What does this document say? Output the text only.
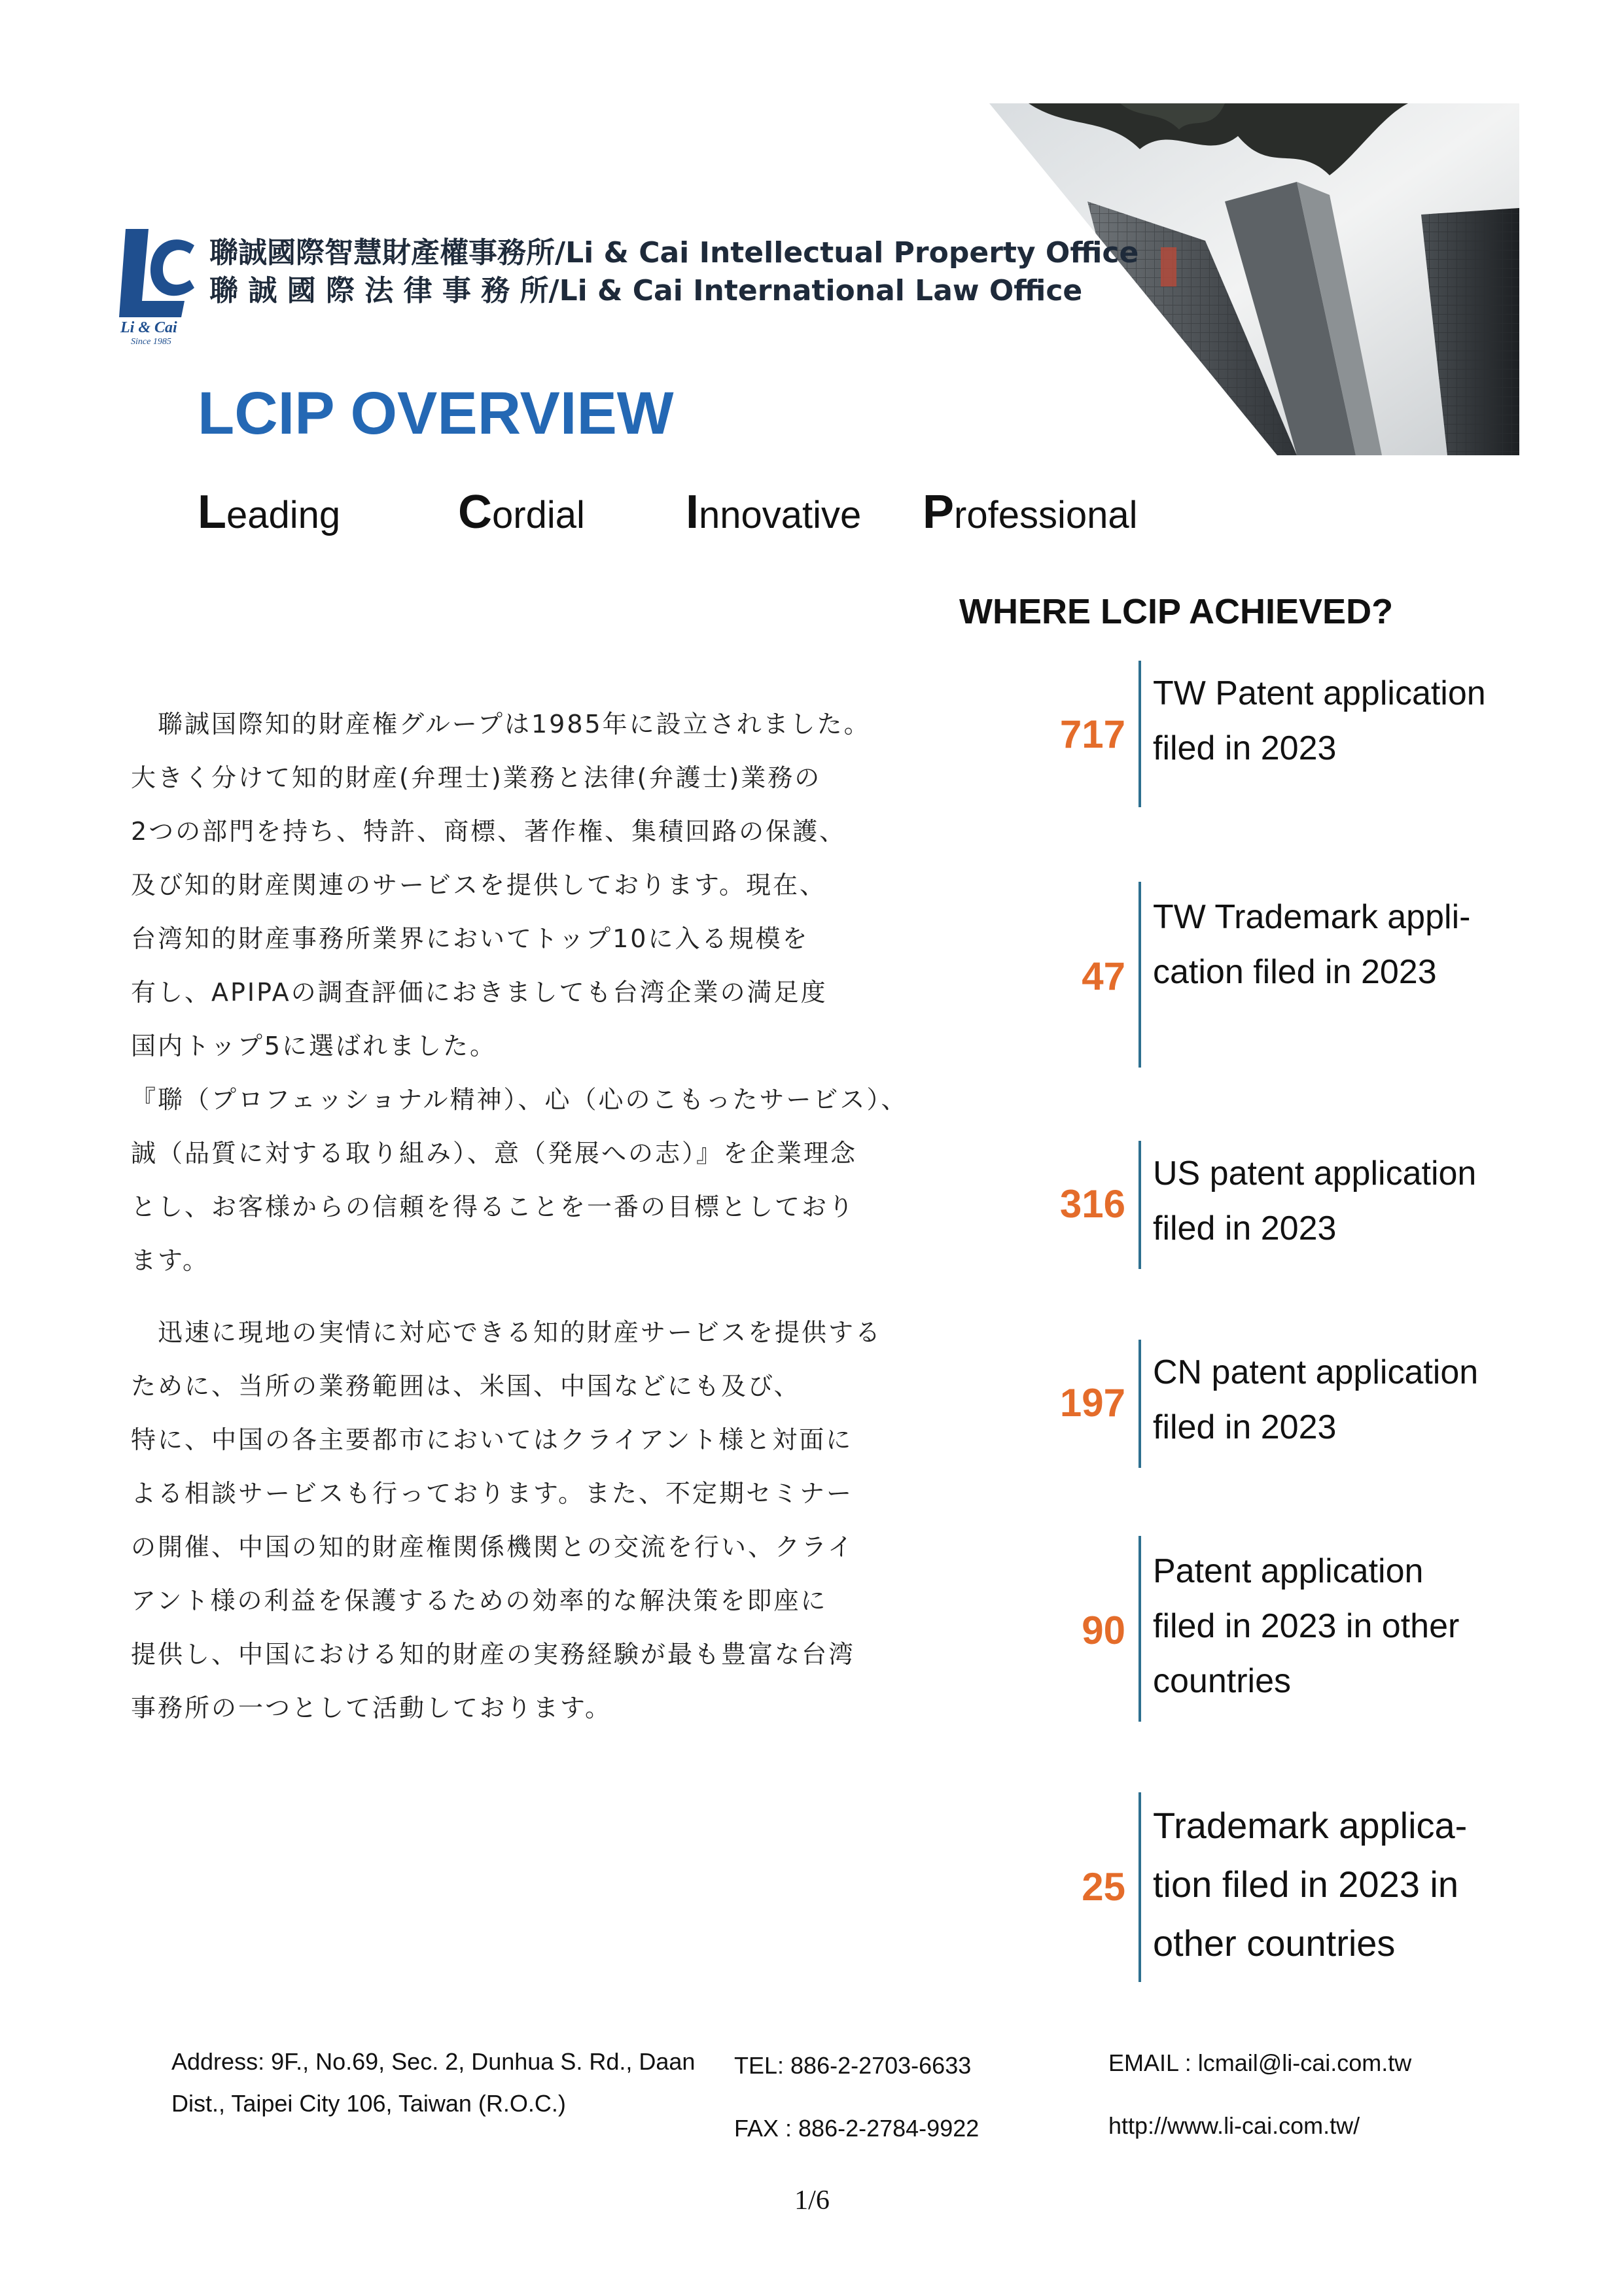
Li & Cai
Since 1985
聯誠國際智慧財產權事務所/Li & Cai Intellectual Property Office
聯 誠 國 際 法 律 事 務 所/Li & Cai International Law Office
LCIP OVERVIEW
Leading Cordial Innovative Professional
　聯誠国際知的財産権グループは1985年に設立されました。
大きく分けて知的財産(弁理士)業務と法律(弁護士)業務の
2つの部門を持ち、特許、商標、著作権、集積回路の保護、
及び知的財産関連のサービスを提供しております。現在、
台湾知的財産事務所業界においてトップ10に入る規模を
有し、APIPAの調査評価におきましても台湾企業の満足度
国内トップ5に選ばれました。
『聯（プロフェッショナル精神）、心（心のこもったサービス）、
誠（品質に対する取り組み）、意（発展への志）』を企業理念
とし、お客様からの信頼を得ることを一番の目標としており
ます。
　迅速に現地の実情に対応できる知的財産サービスを提供する
ために、当所の業務範囲は、米国、中国などにも及び、
特に、中国の各主要都市においてはクライアント様と対面に
よる相談サービスも行っております。また、不定期セミナー
の開催、中国の知的財産権関係機関との交流を行い、クライ
アント様の利益を保護するための効率的な解決策を即座に
提供し、中国における知的財産の実務経験が最も豊富な台湾
事務所の一つとして活動しております。
WHERE LCIP ACHIEVED?
717
TW Patent application
filed in 2023
47
TW Trademark appli-
cation filed in 2023
316
US patent application
filed in 2023
197
CN patent application
filed in 2023
90
Patent application
filed in 2023 in other
countries
25
Trademark applica-
tion filed in 2023 in
other countries
Address: 9F., No.69, Sec. 2, Dunhua S. Rd., Daan
Dist., Taipei City 106, Taiwan (R.O.C.)
TEL: 886-2-2703-6633
FAX : 886-2-2784-9922
EMAIL : lcmail@li-cai.com.tw
http://www.li-cai.com.tw/
1/6
